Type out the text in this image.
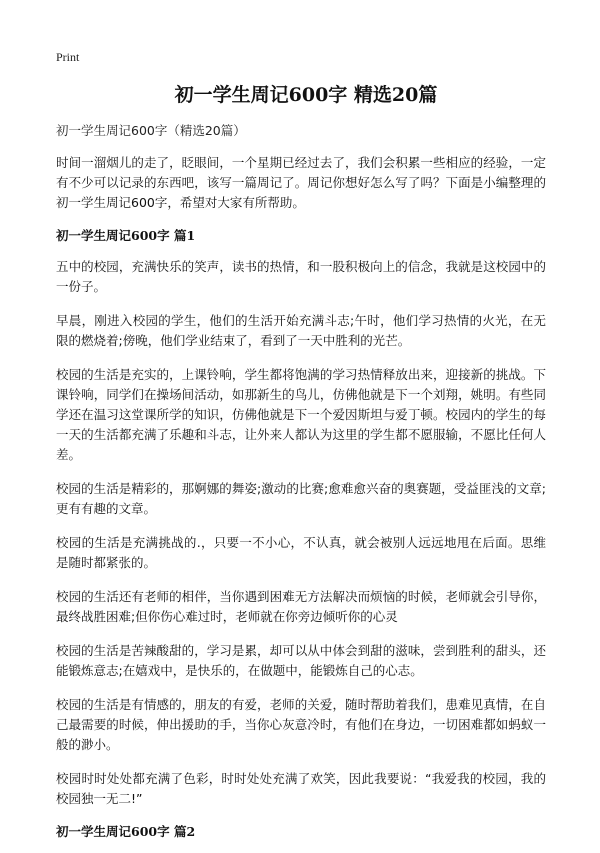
Print
初一学生周记600字 精选20篇

初一学生周记600字（精选20篇）

时间一溜烟儿的走了，眨眼间，一个星期已经过去了，我们会积累一些相应的经验，一定有不少可以记录的东西吧，该写一篇周记了。周记你想好怎么写了吗？下面是小编整理的初一学生周记600字，希望对大家有所帮助。

初一学生周记600字 篇1

五中的校园，充满快乐的笑声，读书的热情，和一股积极向上的信念，我就是这校园中的一份子。

早晨，刚进入校园的学生，他们的生活开始充满斗志;午时，他们学习热情的火光，在无限的燃烧着;傍晚，他们学业结束了，看到了一天中胜利的光芒。

校园的生活是充实的，上课铃响，学生都将饱满的学习热情释放出来，迎接新的挑战。下课铃响，同学们在操场间活动，如那新生的鸟儿，仿佛他就是下一个刘翔，姚明。有些同学还在温习这堂课所学的知识，仿佛他就是下一个爱因斯坦与爱丁顿。校园内的学生的每一天的生活都充满了乐趣和斗志，让外来人都认为这里的学生都不愿服输，不愿比任何人差。

校园的生活是精彩的，那婀娜的舞姿;激动的比赛;愈难愈兴奋的奥赛题，受益匪浅的文章;更有有趣的文章。

校园的生活是充满挑战的.，只要一不小心，不认真，就会被别人远远地甩在后面。思维是随时都紧张的。

校园的生活还有老师的相伴，当你遇到困难无方法解决而烦恼的时候，老师就会引导你，最终战胜困难;但你伤心难过时，老师就在你旁边倾听你的心灵

校园的生活是苦辣酸甜的，学习是累，却可以从中体会到甜的滋味，尝到胜利的甜头，还能锻炼意志;在嬉戏中，是快乐的，在做题中，能锻炼自己的心志。

校园的生活是有情感的，朋友的有爱，老师的关爱，随时帮助着我们，患难见真情，在自己最需要的时候，伸出援助的手，当你心灰意冷时，有他们在身边，一切困难都如蚂蚁一般的渺小。

校园时时处处都充满了色彩，时时处处充满了欢笑，因此我要说：“我爱我的校园，我的校园独一无二!”

初一学生周记600字 篇2
